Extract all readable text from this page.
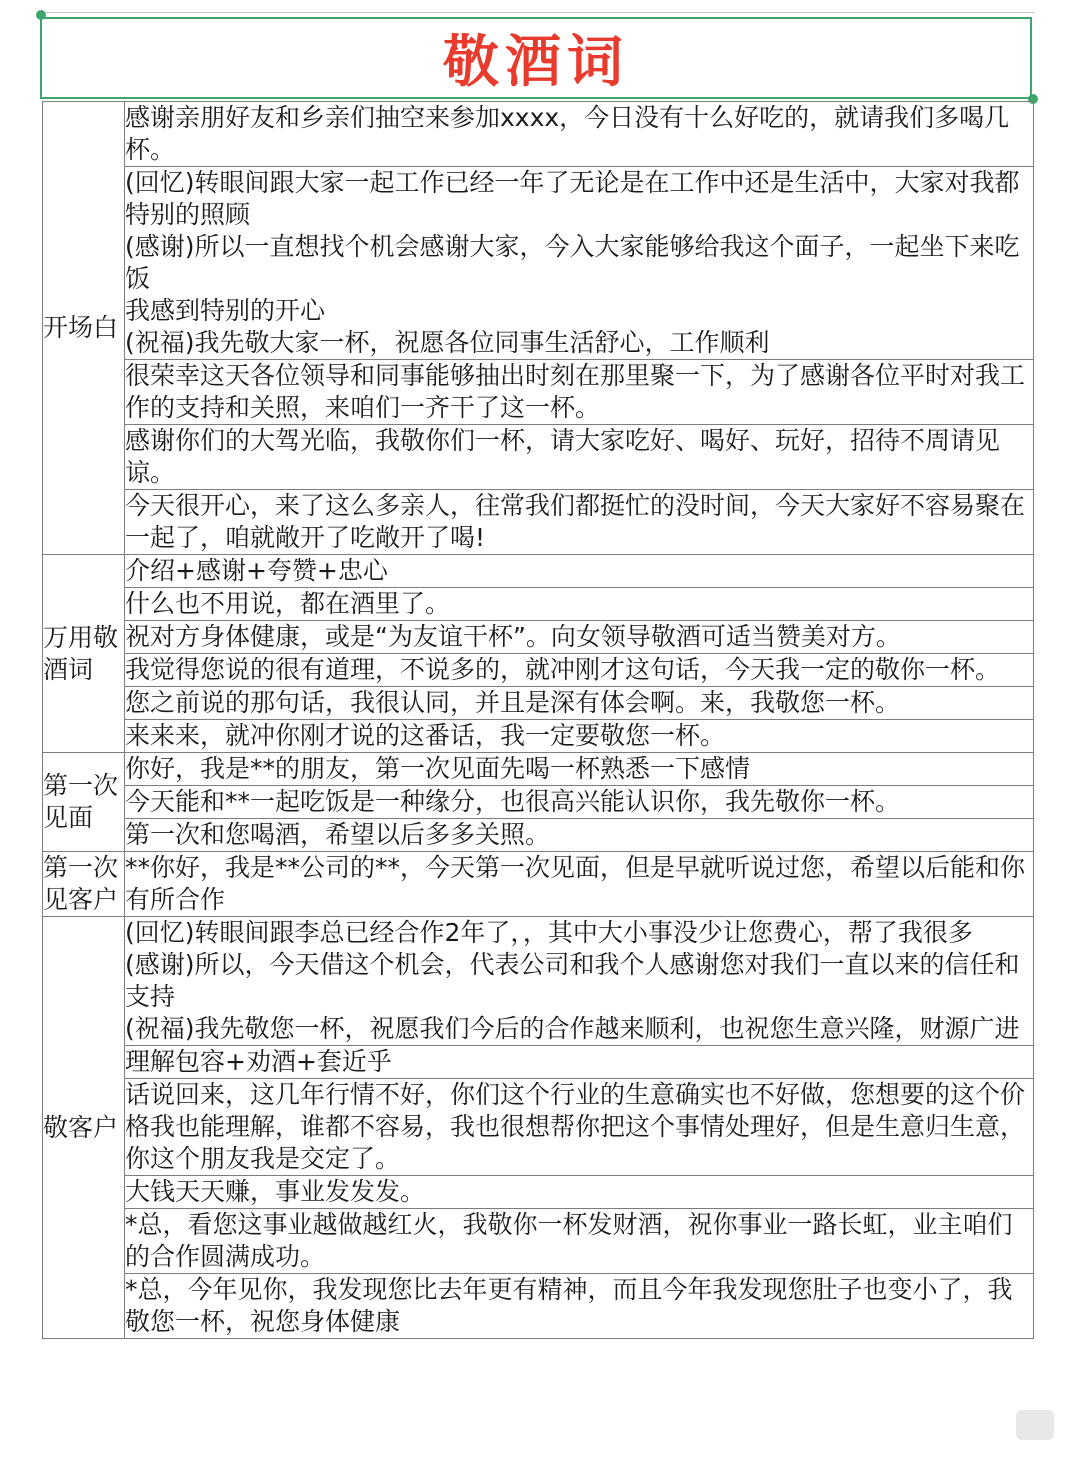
敬酒词
开场白	感谢亲朋好友和乡亲们抽空来参加xxxx，今日没有十么好吃的，就请我们多喝几杯。

	(回忆)转眼间跟大家一起工作已经一年了无论是在工作中还是生活中，大家对我都特别的照顾
(感谢)所以一直想找个机会感谢大家，今入大家能够给我这个面子，一起坐下来吃饭
我感到特别的开心
(祝福)我先敬大家一杯，祝愿各位同事生活舒心，工作顺利

	很荣幸这天各位领导和同事能够抽出时刻在那里聚一下，为了感谢各位平时对我工作的支持和关照，来咱们一齐干了这一杯。

	感谢你们的大驾光临，我敬你们一杯，请大家吃好、喝好、玩好，招待不周请见谅。

	今天很开心，来了这么多亲人，往常我们都挺忙的没时间，今天大家好不容易聚在一起了，咱就敞开了吃敞开了喝!

万用敬酒词	介绍+感谢+夸赞+忠心

	什么也不用说，都在酒里了。

	祝对方身体健康，或是“为友谊干杯”。向女领导敬酒可适当赞美对方。

	我觉得您说的很有道理，不说多的，就冲刚才这句话，今天我一定的敬你一杯。

	您之前说的那句话，我很认同，并且是深有体会啊。来，我敬您一杯。

	来来来，就冲你刚才说的这番话，我一定要敬您一杯。

第一次见面	你好，我是**的朋友，第一次见面先喝一杯熟悉一下感情

	今天能和**一起吃饭是一种缘分，也很高兴能认识你，我先敬你一杯。

	第一次和您喝酒，希望以后多多关照。

第一次见客户	**你好，我是**公司的**，今天第一次见面，但是早就听说过您，希望以后能和你有所合作

敬客户	(回忆)转眼间跟李总已经合作2年了，，其中大小事没少让您费心，帮了我很多
(感谢)所以，今天借这个机会，代表公司和我个人感谢您对我们一直以来的信任和支持
(祝福)我先敬您一杯，祝愿我们今后的合作越来顺利，也祝您生意兴隆，财源广进

	理解包容+劝酒+套近乎

	话说回来，这几年行情不好，你们这个行业的生意确实也不好做，您想要的这个价格我也能理解，谁都不容易，我也很想帮你把这个事情处理好，但是生意归生意，你这个朋友我是交定了。

	大钱天天赚，事业发发发。

	*总，看您这事业越做越红火，我敬你一杯发财酒，祝你事业一路长虹，业主咱们的合作圆满成功。

	*总，今年见你，我发现您比去年更有精神，而且今年我发现您肚子也变小了，我敬您一杯，祝您身体健康
